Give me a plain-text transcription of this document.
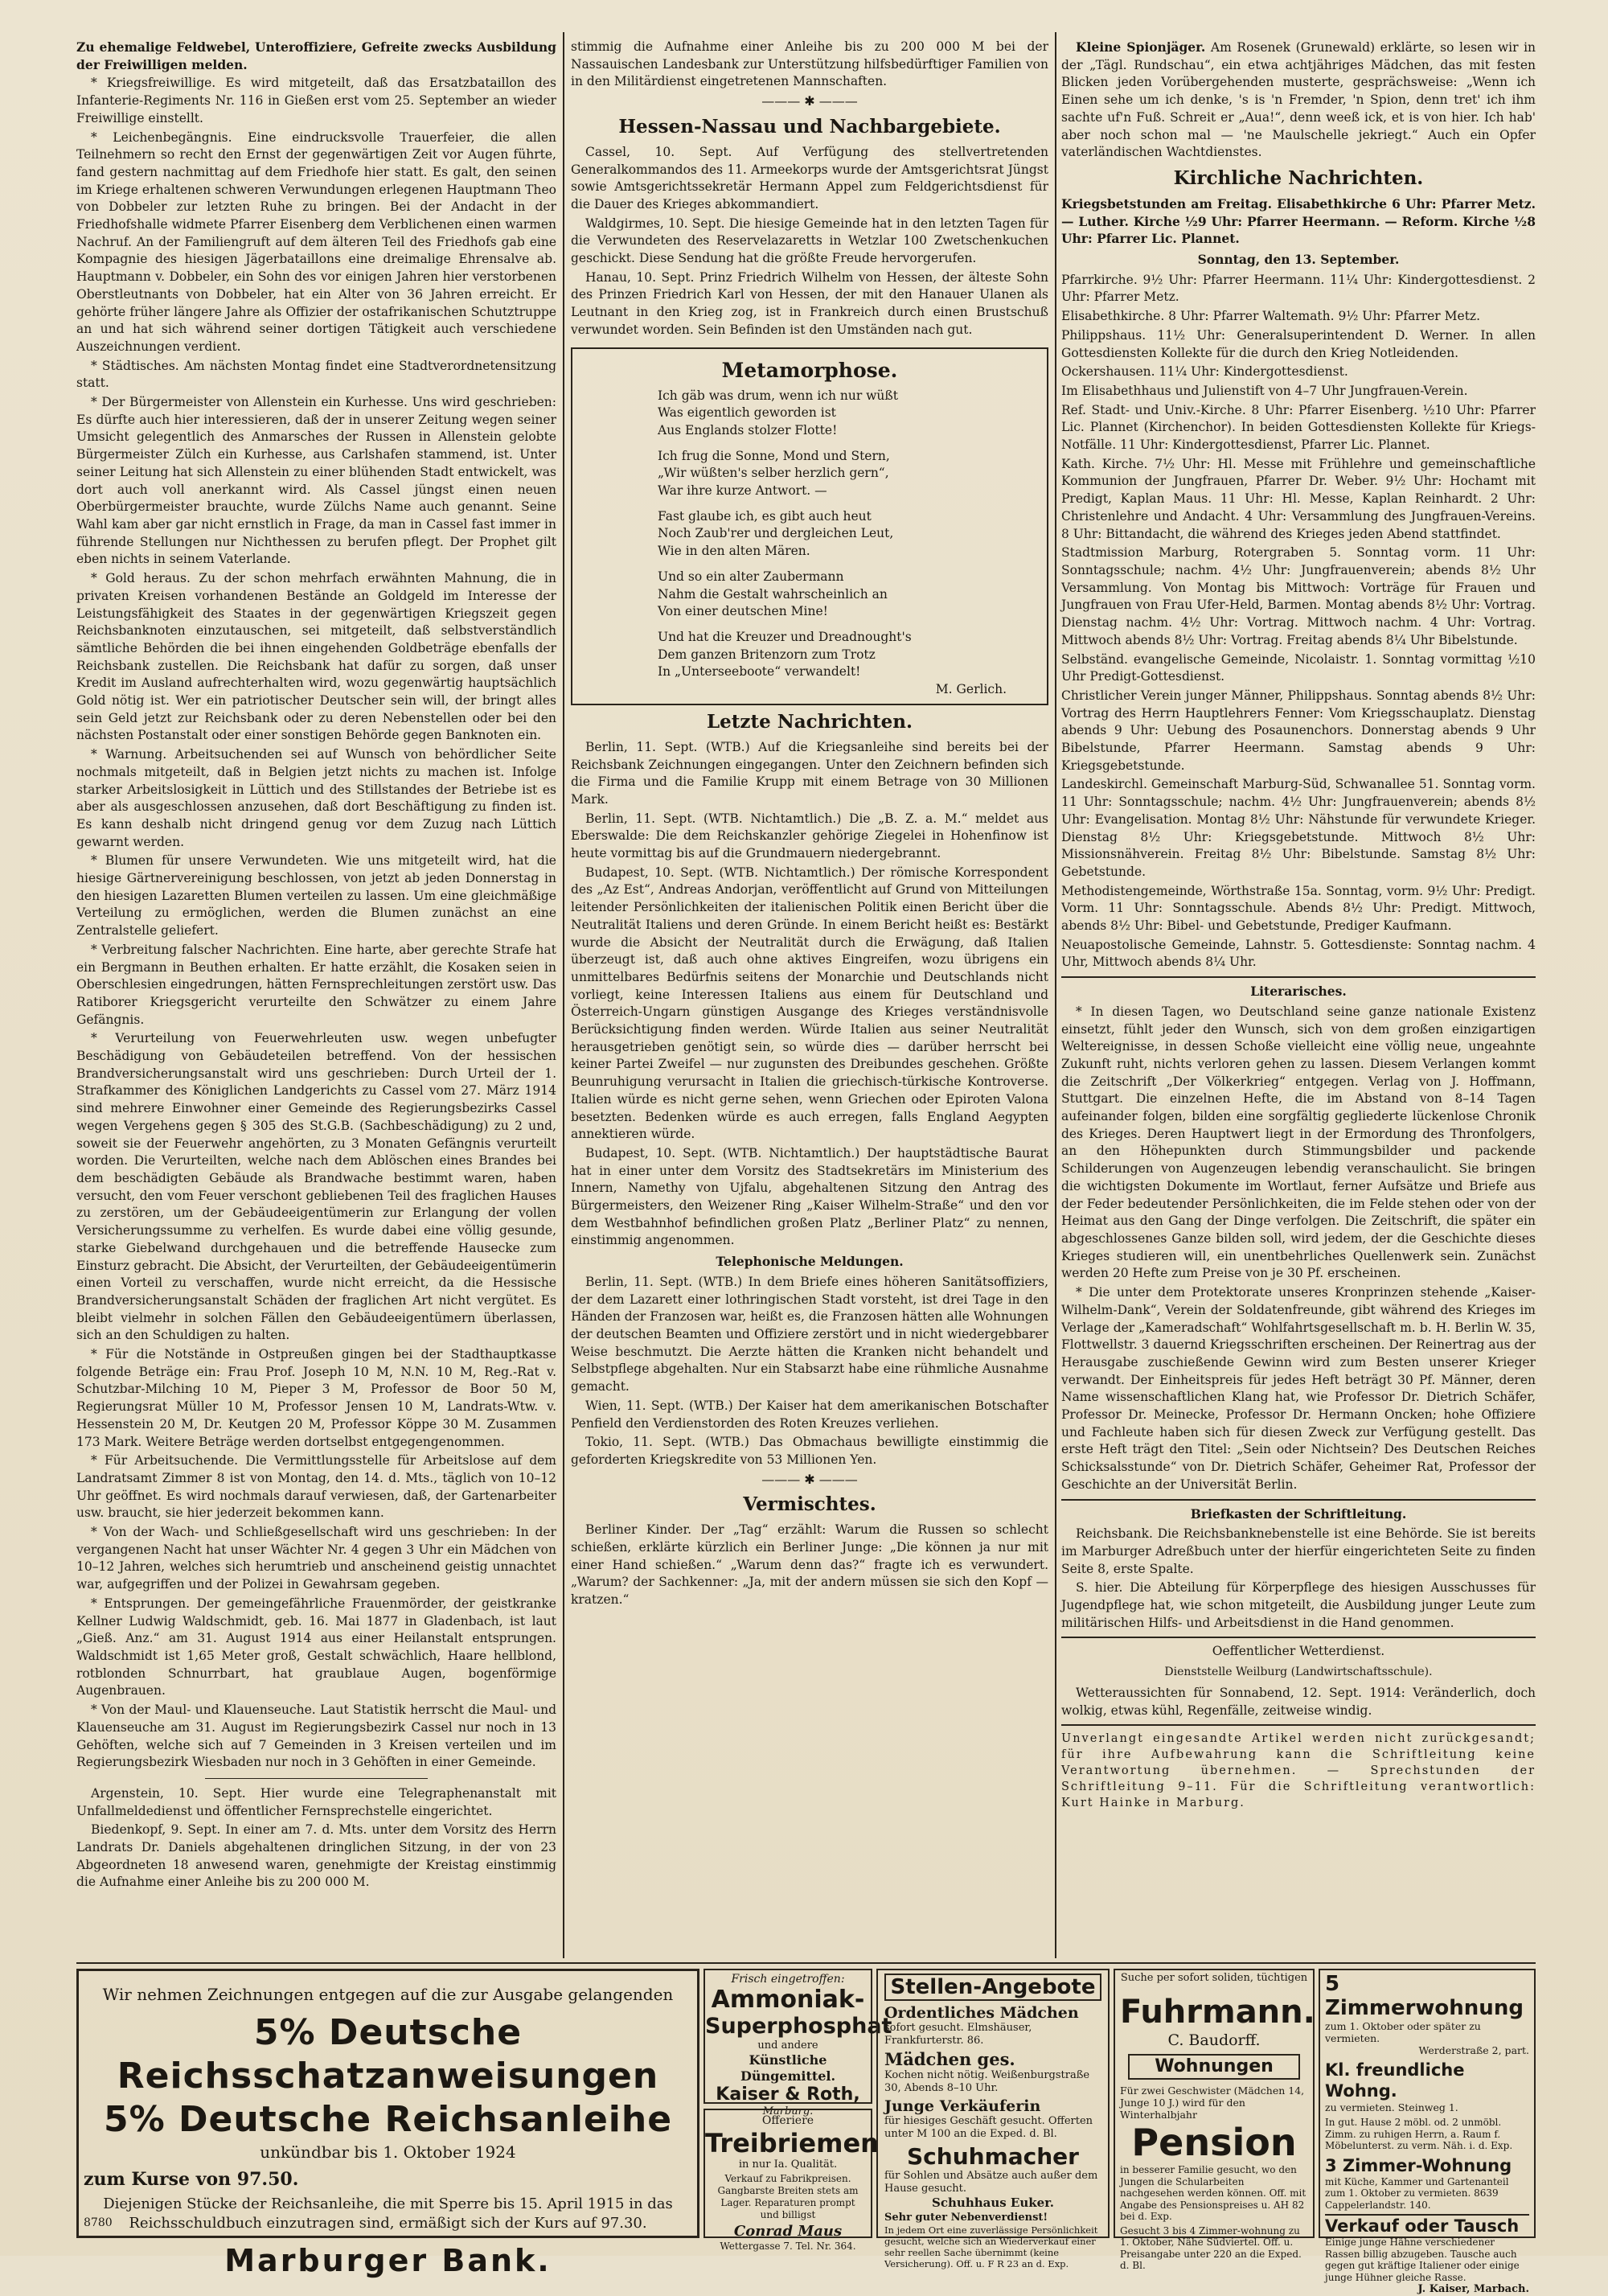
Zu ehemalige Feldwebel, Unteroffiziere, Gefreite zwecks Ausbildung der Freiwilligen melden.

* Kriegsfreiwillige. Es wird mitgeteilt, daß das Ersatzbataillon des Infanterie-Regiments Nr. 116 in Gießen erst vom 25. September an wieder Freiwillige einstellt.

* Leichenbegängnis. Eine eindrucksvolle Trauerfeier, die allen Teilnehmern so recht den Ernst der gegenwärtigen Zeit vor Augen führte, fand gestern nachmittag auf dem Friedhofe hier statt. Es galt, den seinen im Kriege erhaltenen schweren Verwundungen erlegenen Hauptmann Theo von Dobbeler zur letzten Ruhe zu bringen. Bei der Andacht in der Friedhofshalle widmete Pfarrer Eisenberg dem Verblichenen einen warmen Nachruf. An der Familiengruft auf dem älteren Teil des Friedhofs gab eine Kompagnie des hiesigen Jägerbataillons eine dreimalige Ehrensalve ab. Hauptmann v. Dobbeler, ein Sohn des vor einigen Jahren hier verstorbenen Oberstleutnants von Dobbeler, hat ein Alter von 36 Jahren erreicht. Er gehörte früher längere Jahre als Offizier der ostafrikanischen Schutztruppe an und hat sich während seiner dortigen Tätigkeit auch verschiedene Auszeichnungen verdient.

* Städtisches. Am nächsten Montag findet eine Stadtverordnetensitzung statt.

* Der Bürgermeister von Allenstein ein Kurhesse. Uns wird geschrieben: Es dürfte auch hier interessieren, daß der in unserer Zeitung wegen seiner Umsicht gelegentlich des Anmarsches der Russen in Allenstein gelobte Bürgermeister Zülch ein Kurhesse, aus Carlshafen stammend, ist. Unter seiner Leitung hat sich Allenstein zu einer blühenden Stadt entwickelt, was dort auch voll anerkannt wird. Als Cassel jüngst einen neuen Oberbürgermeister brauchte, wurde Zülchs Name auch genannt. Seine Wahl kam aber gar nicht ernstlich in Frage, da man in Cassel fast immer in führende Stellungen nur Nichthessen zu berufen pflegt. Der Prophet gilt eben nichts in seinem Vaterlande.

* Gold heraus. Zu der schon mehrfach erwähnten Mahnung, die in privaten Kreisen vorhandenen Bestände an Goldgeld im Interesse der Leistungsfähigkeit des Staates in der gegenwärtigen Kriegszeit gegen Reichsbanknoten einzutauschen, sei mitgeteilt, daß selbstverständlich sämtliche Behörden die bei ihnen eingehenden Goldbeträge ebenfalls der Reichsbank zustellen. Die Reichsbank hat dafür zu sorgen, daß unser Kredit im Ausland aufrechterhalten wird, wozu gegenwärtig hauptsächlich Gold nötig ist. Wer ein patriotischer Deutscher sein will, der bringt alles sein Geld jetzt zur Reichsbank oder zu deren Nebenstellen oder bei den nächsten Postanstalt oder einer sonstigen Behörde gegen Banknoten ein.

* Warnung. Arbeitsuchenden sei auf Wunsch von behördlicher Seite nochmals mitgeteilt, daß in Belgien jetzt nichts zu machen ist. Infolge starker Arbeitslosigkeit in Lüttich und des Stillstandes der Betriebe ist es aber als ausgeschlossen anzusehen, daß dort Beschäftigung zu finden ist. Es kann deshalb nicht dringend genug vor dem Zuzug nach Lüttich gewarnt werden.

* Blumen für unsere Verwundeten. Wie uns mitgeteilt wird, hat die hiesige Gärtnervereinigung beschlossen, von jetzt ab jeden Donnerstag in den hiesigen Lazaretten Blumen verteilen zu lassen. Um eine gleichmäßige Verteilung zu ermöglichen, werden die Blumen zunächst an eine Zentralstelle geliefert.

* Verbreitung falscher Nachrichten. Eine harte, aber gerechte Strafe hat ein Bergmann in Beuthen erhalten. Er hatte erzählt, die Kosaken seien in Oberschlesien eingedrungen, hätten Fernsprechleitungen zerstört usw. Das Ratiborer Kriegsgericht verurteilte den Schwätzer zu einem Jahre Gefängnis.

* Verurteilung von Feuerwehrleuten usw. wegen unbefugter Beschädigung von Gebäudeteilen betreffend. Von der hessischen Brandversicherungsanstalt wird uns geschrieben: Durch Urteil der 1. Strafkammer des Königlichen Landgerichts zu Cassel vom 27. März 1914 sind mehrere Einwohner einer Gemeinde des Regierungsbezirks Cassel wegen Vergehens gegen § 305 des St.G.B. (Sachbeschädigung) zu 2 und, soweit sie der Feuerwehr angehörten, zu 3 Monaten Gefängnis verurteilt worden. Die Verurteilten, welche nach dem Ablöschen eines Brandes bei dem beschädigten Gebäude als Brandwache bestimmt waren, haben versucht, den vom Feuer verschont gebliebenen Teil des fraglichen Hauses zu zerstören, um der Gebäudeeigentümerin zur Erlangung der vollen Versicherungssumme zu verhelfen. Es wurde dabei eine völlig gesunde, starke Giebelwand durchgehauen und die betreffende Hausecke zum Einsturz gebracht. Die Absicht, der Verurteilten, der Gebäudeeigentümerin einen Vorteil zu verschaffen, wurde nicht erreicht, da die Hessische Brandversicherungsanstalt Schäden der fraglichen Art nicht vergütet. Es bleibt vielmehr in solchen Fällen den Gebäudeeigentümern überlassen, sich an den Schuldigen zu halten.

* Für die Notstände in Ostpreußen gingen bei der Stadthauptkasse folgende Beträge ein: Frau Prof. Joseph 10 M, N.N. 10 M, Reg.-Rat v. Schutzbar-Milching 10 M, Pieper 3 M, Professor de Boor 50 M, Regierungsrat Müller 10 M, Professor Jensen 10 M, Landrats-Wtw. v. Hessenstein 20 M, Dr. Keutgen 20 M, Professor Köppe 30 M. Zusammen 173 Mark. Weitere Beträge werden dortselbst entgegengenommen.

* Für Arbeitsuchende. Die Vermittlungsstelle für Arbeitslose auf dem Landratsamt Zimmer 8 ist von Montag, den 14. d. Mts., täglich von 10–12 Uhr geöffnet. Es wird nochmals darauf verwiesen, daß, der Gartenarbeiter usw. braucht, sie hier jederzeit bekommen kann.

* Von der Wach- und Schließgesellschaft wird uns geschrieben: In der vergangenen Nacht hat unser Wächter Nr. 4 gegen 3 Uhr ein Mädchen von 10–12 Jahren, welches sich herumtrieb und anscheinend geistig unnachtet war, aufgegriffen und der Polizei in Gewahrsam gegeben.

* Entsprungen. Der gemeingefährliche Frauenmörder, der geistkranke Kellner Ludwig Waldschmidt, geb. 16. Mai 1877 in Gladenbach, ist laut „Gieß. Anz.“ am 31. August 1914 aus einer Heilanstalt entsprungen. Waldschmidt ist 1,65 Meter groß, Gestalt schwächlich, Haare hellblond, rotblonden Schnurrbart, hat graublaue Augen, bogenförmige Augenbrauen.

* Von der Maul- und Klauenseuche. Laut Statistik herrscht die Maul- und Klauenseuche am 31. August im Regierungsbezirk Cassel nur noch in 13 Gehöften, welche sich auf 7 Gemeinden in 3 Kreisen verteilen und im Regierungsbezirk Wiesbaden nur noch in 3 Gehöften in einer Gemeinde.

Argenstein, 10. Sept. Hier wurde eine Telegraphenanstalt mit Unfallmeldedienst und öffentlicher Fernsprechstelle eingerichtet.

Biedenkopf, 9. Sept. In einer am 7. d. Mts. unter dem Vorsitz des Herrn Landrats Dr. Daniels abgehaltenen dringlichen Sitzung, in der von 23 Abgeordneten 18 anwesend waren, genehmigte der Kreistag einstimmig die Aufnahme einer Anleihe bis zu 200 000 M.

stimmig die Aufnahme einer Anleihe bis zu 200 000 M bei der Nassauischen Landesbank zur Unterstützung hilfsbedürftiger Familien von in den Militärdienst eingetretenen Mannschaften.

——— ✱ ———
Hessen-Nassau und Nachbargebiete.

Cassel, 10. Sept. Auf Verfügung des stellvertretenden Generalkommandos des 11. Armeekorps wurde der Amtsgerichtsrat Jüngst sowie Amtsgerichtssekretär Hermann Appel zum Feldgerichtsdienst für die Dauer des Krieges abkommandiert.

Waldgirmes, 10. Sept. Die hiesige Gemeinde hat in den letzten Tagen für die Verwundeten des Reservelazaretts in Wetzlar 100 Zwetschenkuchen geschickt. Diese Sendung hat die größte Freude hervorgerufen.

Hanau, 10. Sept. Prinz Friedrich Wilhelm von Hessen, der älteste Sohn des Prinzen Friedrich Karl von Hessen, der mit den Hanauer Ulanen als Leutnant in den Krieg zog, ist in Frankreich durch einen Brustschuß verwundet worden. Sein Befinden ist den Umständen nach gut.

Metamorphose.
Ich gäb was drum, wenn ich nur wüßt
Was eigentlich geworden ist
Aus Englands stolzer Flotte!
Ich frug die Sonne, Mond und Stern,
„Wir wüßten's selber herzlich gern“,
War ihre kurze Antwort. —
Fast glaube ich, es gibt auch heut
Noch Zaub'rer und dergleichen Leut,
Wie in den alten Mären.
Und so ein alter Zaubermann
Nahm die Gestalt wahrscheinlich an
Von einer deutschen Mine!
Und hat die Kreuzer und Dreadnought's
Dem ganzen Britenzorn zum Trotz
In „Unterseeboote“ verwandelt!
M. Gerlich.
Letzte Nachrichten.

Berlin, 11. Sept. (WTB.) Auf die Kriegsanleihe sind bereits bei der Reichsbank Zeichnungen eingegangen. Unter den Zeichnern befinden sich die Firma und die Familie Krupp mit einem Betrage von 30 Millionen Mark.

Berlin, 11. Sept. (WTB. Nichtamtlich.) Die „B. Z. a. M.“ meldet aus Eberswalde: Die dem Reichskanzler gehörige Ziegelei in Hohenfinow ist heute vormittag bis auf die Grundmauern niedergebrannt.

Budapest, 10. Sept. (WTB. Nichtamtlich.) Der römische Korrespondent des „Az Est“, Andreas Andorjan, veröffentlicht auf Grund von Mitteilungen leitender Persönlichkeiten der italienischen Politik einen Bericht über die Neutralität Italiens und deren Gründe. In einem Bericht heißt es: Bestärkt wurde die Absicht der Neutralität durch die Erwägung, daß Italien überzeugt ist, daß auch ohne aktives Eingreifen, wozu übrigens ein unmittelbares Bedürfnis seitens der Monarchie und Deutschlands nicht vorliegt, keine Interessen Italiens aus einem für Deutschland und Österreich-Ungarn günstigen Ausgange des Krieges verständnisvolle Berücksichtigung finden werden. Würde Italien aus seiner Neutralität herausgetrieben genötigt sein, so würde dies — darüber herrscht bei keiner Partei Zweifel — nur zugunsten des Dreibundes geschehen. Größte Beunruhigung verursacht in Italien die griechisch-türkische Kontroverse. Italien würde es nicht gerne sehen, wenn Griechen oder Epiroten Valona besetzten. Bedenken würde es auch erregen, falls England Aegypten annektieren würde.

Budapest, 10. Sept. (WTB. Nichtamtlich.) Der hauptstädtische Baurat hat in einer unter dem Vorsitz des Stadtsekretärs im Ministerium des Innern, Namethy von Ujfalu, abgehaltenen Sitzung den Antrag des Bürgermeisters, den Weizener Ring „Kaiser Wilhelm-Straße“ und den vor dem Westbahnhof befindlichen großen Platz „Berliner Platz“ zu nennen, einstimmig angenommen.

Telephonische Meldungen.

Berlin, 11. Sept. (WTB.) In dem Briefe eines höheren Sanitätsoffiziers, der dem Lazarett einer lothringischen Stadt vorsteht, ist drei Tage in den Händen der Franzosen war, heißt es, die Franzosen hätten alle Wohnungen der deutschen Beamten und Offiziere zerstört und in nicht wiedergebbarer Weise beschmutzt. Die Aerzte hätten die Kranken nicht behandelt und Selbstpflege abgehalten. Nur ein Stabsarzt habe eine rühmliche Ausnahme gemacht.

Wien, 11. Sept. (WTB.) Der Kaiser hat dem amerikanischen Botschafter Penfield den Verdienstorden des Roten Kreuzes verliehen.

Tokio, 11. Sept. (WTB.) Das Obmachaus bewilligte einstimmig die geforderten Kriegskredite von 53 Millionen Yen.

——— ✱ ———
Vermischtes.

Berliner Kinder. Der „Tag“ erzählt: Warum die Russen so schlecht schießen, erklärte kürzlich ein Berliner Junge: „Die können ja nur mit einer Hand schießen.“ „Warum denn das?“ fragte ich es verwundert. „Warum? der Sachkenner: „Ja, mit der andern müssen sie sich den Kopf — kratzen.“

Kleine Spionjäger. Am Rosenek (Grunewald) erklärte, so lesen wir in der „Tägl. Rundschau“, ein etwa achtjähriges Mädchen, das mit festen Blicken jeden Vorübergehenden musterte, gesprächsweise: „Wenn ich Einen sehe um ich denke, 's is 'n Fremder, 'n Spion, denn tret' ich ihm sachte uf'n Fuß. Schreit er „Aua!“, denn weeß ick, et is von hier. Ich hab' aber noch schon mal — 'ne Maulschelle jekriegt.“ Auch ein Opfer vaterländischen Wachtdienstes.

Kirchliche Nachrichten.

Kriegsbetstunden am Freitag. Elisabethkirche 6 Uhr: Pfarrer Metz. — Luther. Kirche ½9 Uhr: Pfarrer Heermann. — Reform. Kirche ½8 Uhr: Pfarrer Lic. Plannet.

Sonntag, den 13. September.

Pfarrkirche. 9½ Uhr: Pfarrer Heermann. 11¼ Uhr: Kindergottesdienst. 2 Uhr: Pfarrer Metz.

Elisabethkirche. 8 Uhr: Pfarrer Waltemath. 9½ Uhr: Pfarrer Metz.

Philippshaus. 11½ Uhr: Generalsuperintendent D. Werner. In allen Gottesdiensten Kollekte für die durch den Krieg Notleidenden.

Ockershausen. 11¼ Uhr: Kindergottesdienst.

Im Elisabethhaus und Julienstift von 4–7 Uhr Jungfrauen-Verein.

Ref. Stadt- und Univ.-Kirche. 8 Uhr: Pfarrer Eisenberg. ½10 Uhr: Pfarrer Lic. Plannet (Kirchenchor). In beiden Gottesdiensten Kollekte für Kriegs-Notfälle. 11 Uhr: Kindergottesdienst, Pfarrer Lic. Plannet.

Kath. Kirche. 7½ Uhr: Hl. Messe mit Frühlehre und gemeinschaftliche Kommunion der Jungfrauen, Pfarrer Dr. Weber. 9½ Uhr: Hochamt mit Predigt, Kaplan Maus. 11 Uhr: Hl. Messe, Kaplan Reinhardt. 2 Uhr: Christenlehre und Andacht. 4 Uhr: Versammlung des Jungfrauen-Vereins. 8 Uhr: Bittandacht, die während des Krieges jeden Abend stattfindet.

Stadtmission Marburg, Rotergraben 5. Sonntag vorm. 11 Uhr: Sonntagsschule; nachm. 4½ Uhr: Jungfrauenverein; abends 8½ Uhr Versammlung. Von Montag bis Mittwoch: Vorträge für Frauen und Jungfrauen von Frau Ufer-Held, Barmen. Montag abends 8½ Uhr: Vortrag. Dienstag nachm. 4½ Uhr: Vortrag. Mittwoch nachm. 4 Uhr: Vortrag. Mittwoch abends 8½ Uhr: Vortrag. Freitag abends 8¼ Uhr Bibelstunde.

Selbständ. evangelische Gemeinde, Nicolaistr. 1. Sonntag vormittag ½10 Uhr Predigt-Gottesdienst.

Christlicher Verein junger Männer, Philippshaus. Sonntag abends 8½ Uhr: Vortrag des Herrn Hauptlehrers Fenner: Vom Kriegsschauplatz. Dienstag abends 9 Uhr: Uebung des Posaunenchors. Donnerstag abends 9 Uhr Bibelstunde, Pfarrer Heermann. Samstag abends 9 Uhr: Kriegsgebetstunde.

Landeskirchl. Gemeinschaft Marburg-Süd, Schwanallee 51. Sonntag vorm. 11 Uhr: Sonntagsschule; nachm. 4½ Uhr: Jungfrauenverein; abends 8½ Uhr: Evangelisation. Montag 8½ Uhr: Nähstunde für verwundete Krieger. Dienstag 8½ Uhr: Kriegsgebetstunde. Mittwoch 8½ Uhr: Missionsnähverein. Freitag 8½ Uhr: Bibelstunde. Samstag 8½ Uhr: Gebetstunde.

Methodistengemeinde, Wörthstraße 15a. Sonntag, vorm. 9½ Uhr: Predigt. Vorm. 11 Uhr: Sonntagsschule. Abends 8½ Uhr: Predigt. Mittwoch, abends 8½ Uhr: Bibel- und Gebetstunde, Prediger Kaufmann.

Neuapostolische Gemeinde, Lahnstr. 5. Gottesdienste: Sonntag nachm. 4 Uhr, Mittwoch abends 8¼ Uhr.

Literarisches.

* In diesen Tagen, wo Deutschland seine ganze nationale Existenz einsetzt, fühlt jeder den Wunsch, sich von dem großen einzigartigen Weltereignisse, in dessen Schoße vielleicht eine völlig neue, ungeahnte Zukunft ruht, nichts verloren gehen zu lassen. Diesem Verlangen kommt die Zeitschrift „Der Völkerkrieg“ entgegen. Verlag von J. Hoffmann, Stuttgart. Die einzelnen Hefte, die im Abstand von 8–14 Tagen aufeinander folgen, bilden eine sorgfältig gegliederte lückenlose Chronik des Krieges. Deren Hauptwert liegt in der Ermordung des Thronfolgers, an den Höhepunkten durch Stimmungsbilder und packende Schilderungen von Augenzeugen lebendig veranschaulicht. Sie bringen die wichtigsten Dokumente im Wortlaut, ferner Aufsätze und Briefe aus der Feder bedeutender Persönlichkeiten, die im Felde stehen oder von der Heimat aus den Gang der Dinge verfolgen. Die Zeitschrift, die später ein abgeschlossenes Ganze bilden soll, wird jedem, der die Geschichte dieses Krieges studieren will, ein unentbehrliches Quellenwerk sein. Zunächst werden 20 Hefte zum Preise von je 30 Pf. erscheinen.

* Die unter dem Protektorate unseres Kronprinzen stehende „Kaiser-Wilhelm-Dank“, Verein der Soldatenfreunde, gibt während des Krieges im Verlage der „Kameradschaft“ Wohlfahrtsgesellschaft m. b. H. Berlin W. 35, Flottwellstr. 3 dauernd Kriegsschriften erscheinen. Der Reinertrag aus der Herausgabe zuschießende Gewinn wird zum Besten unserer Krieger verwandt. Der Einheitspreis für jedes Heft beträgt 30 Pf. Männer, deren Name wissenschaftlichen Klang hat, wie Professor Dr. Dietrich Schäfer, Professor Dr. Meinecke, Professor Dr. Hermann Oncken; hohe Offiziere und Fachleute haben sich für diesen Zweck zur Verfügung gestellt. Das erste Heft trägt den Titel: „Sein oder Nichtsein? Des Deutschen Reiches Schicksalsstunde“ von Dr. Dietrich Schäfer, Geheimer Rat, Professor der Geschichte an der Universität Berlin.

Briefkasten der Schriftleitung.

Reichsbank. Die Reichsbanknebenstelle ist eine Behörde. Sie ist bereits im Marburger Adreßbuch unter der hierfür eingerichteten Seite zu finden Seite 8, erste Spalte.

S. hier. Die Abteilung für Körperpflege des hiesigen Ausschusses für Jugendpflege hat, wie schon mitgeteilt, die Ausbildung junger Leute zum militärischen Hilfs- und Arbeitsdienst in die Hand genommen.

Oeffentlicher Wetterdienst.
Dienststelle Weilburg (Landwirtschaftsschule).

Wetteraussichten für Sonnabend, 12. Sept. 1914: Veränderlich, doch wolkig, etwas kühl, Regenfälle, zeitweise windig.

Unverlangt eingesandte Artikel werden nicht zurückgesandt; für ihre Aufbewahrung kann die Schriftleitung keine Verantwortung übernehmen. — Sprechstunden der Schriftleitung 9–11. Für die Schriftleitung verantwortlich: Kurt Hainke in Marburg.

Wir nehmen Zeichnungen entgegen auf die zur Ausgabe gelangenden
5% Deutsche Reichsschatzanweisungen
5% Deutsche Reichsanleihe
unkündbar bis 1. Oktober 1924
zum Kurse von 97.50.
Diejenigen Stücke der Reichsanleihe, die mit Sperre bis 15. April 1915 in das Reichsschuldbuch einzutragen sind, ermäßigt sich der Kurs auf 97.30.
Marburger Bank.
8780
Frisch eingetroffen:
Ammoniak-
Superphosphat
und andere
Künstliche Düngemittel.
Kaiser & Roth,
Marburg.
Offeriere
Treibriemen
in nur Ia. Qualität.
Verkauf zu Fabrikpreisen. Gangbarste Breiten stets am Lager. Reparaturen prompt und billigst
Conrad Maus
Wettergasse 7. Tel. Nr. 364.
Stellen-Angebote
Ordentliches Mädchen
sofort gesucht. Elmshäuser, Frankfurterstr. 86.
Mädchen ges.
Kochen nicht nötig. Weißenburgstraße 30, Abends 8–10 Uhr.
Junge Verkäuferin
für hiesiges Geschäft gesucht. Offerten unter M 100 an die Exped. d. Bl.
Schuhmacher
für Sohlen und Absätze auch außer dem Hause gesucht.
Schuhhaus Euker.
Sehr guter Nebenverdienst!
In jedem Ort eine zuverlässige Persönlichkeit gesucht, welche sich an Wiederverkauf einer sehr reellen Sache übernimmt (keine Versicherung). Off. u. F R 23 an d. Exp.
Suche per sofort soliden, tüchtigen
Fuhrmann.
C. Baudorff.
Wohnungen
Für zwei Geschwister (Mädchen 14, Junge 10 J.) wird für den Winterhalbjahr
Pension
in besserer Familie gesucht, wo den Jungen die Schularbeiten nachgesehen werden können. Off. mit Angabe des Pensionspreises u. AH 82 bei d. Exp.
Gesucht 3 bis 4 Zimmer-wohnung zu 1. Oktober, Nähe Südviertel. Off. u. Preisangabe unter 220 an die Exped. d. Bl.
5 Zimmerwohnung
zum 1. Oktober oder später zu vermieten.
Werderstraße 2, part.
Kl. freundliche Wohng.
zu vermieten. Steinweg 1.
In gut. Hause 2 möbl. od. 2 unmöbl. Zimm. zu ruhigen Herrn, a. Raum f. Möbelunterst. zu verm. Näh. i. d. Exp.
3 Zimmer-Wohnung
mit Küche, Kammer und Gartenanteil zum 1. Oktober zu vermieten. 8639 Cappelerlandstr. 140.
Verkauf oder Tausch
Einige junge Hähne verschiedener Rassen billig abzugeben. Tausche auch gegen gut kräftige Italiener oder einige junge Hühner gleiche Rasse.
J. Kaiser, Marbach.
